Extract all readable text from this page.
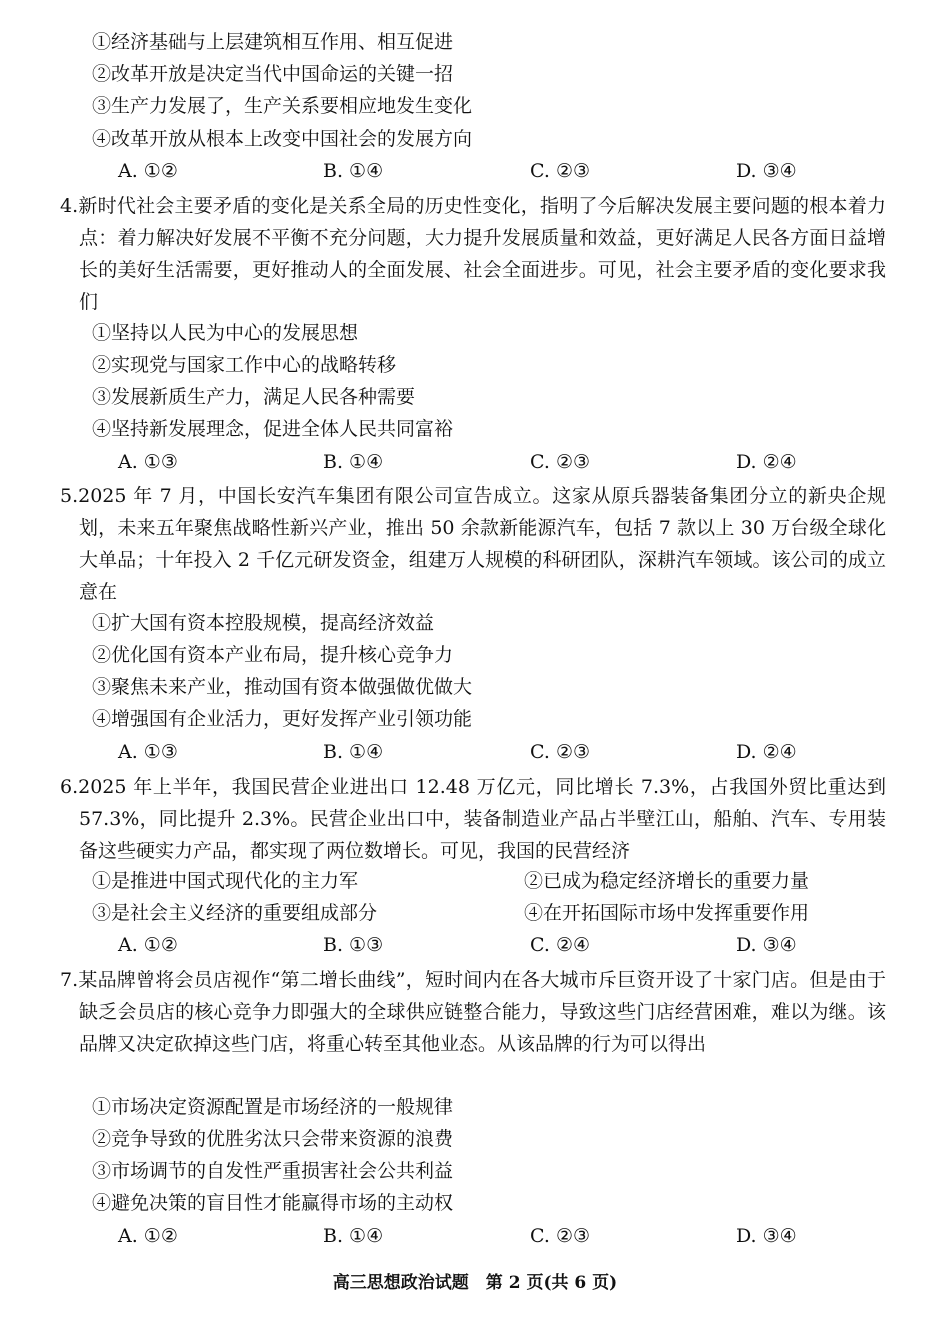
①经济基础与上层建筑相互作用、相互促进
②改革开放是决定当代中国命运的关键一招
③生产力发展了，生产关系要相应地发生变化
④改革开放从根本上改变中国社会的发展方向
A. ①②	B. ①④	C. ②③	D. ③④
4.新时代社会主要矛盾的变化是关系全局的历史性变化，指明了今后解决发展主要问题的根本着力点：着力解决好发展不平衡不充分问题，大力提升发展质量和效益，更好满足人民各方面日益增长的美好生活需要，更好推动人的全面发展、社会全面进步。可见，社会主要矛盾的变化要求我们
①坚持以人民为中心的发展思想
②实现党与国家工作中心的战略转移
③发展新质生产力，满足人民各种需要
④坚持新发展理念，促进全体人民共同富裕
A. ①③	B. ①④	C. ②③	D. ②④
5.2025 年 7 月，中国长安汽车集团有限公司宣告成立。这家从原兵器装备集团分立的新央企规划，未来五年聚焦战略性新兴产业，推出 50 余款新能源汽车，包括 7 款以上 30 万台级全球化大单品；十年投入 2 千亿元研发资金，组建万人规模的科研团队，深耕汽车领域。该公司的成立意在
①扩大国有资本控股规模，提高经济效益
②优化国有资本产业布局，提升核心竞争力
③聚焦未来产业，推动国有资本做强做优做大
④增强国有企业活力，更好发挥产业引领功能
A. ①③	B. ①④	C. ②③	D. ②④
6.2025 年上半年，我国民营企业进出口 12.48 万亿元，同比增长 7.3%，占我国外贸比重达到 57.3%，同比提升 2.3%。民营企业出口中，装备制造业产品占半壁江山，船舶、汽车、专用装备这些硬实力产品，都实现了两位数增长。可见，我国的民营经济
①是推进中国式现代化的主力军	②已成为稳定经济增长的重要力量
③是社会主义经济的重要组成部分	④在开拓国际市场中发挥重要作用
A. ①②	B. ①③	C. ②④	D. ③④
7.某品牌曾将会员店视作“第二增长曲线”，短时间内在各大城市斥巨资开设了十家门店。但是由于缺乏会员店的核心竞争力即强大的全球供应链整合能力，导致这些门店经营困难，难以为继。该品牌又决定砍掉这些门店，将重心转至其他业态。从该品牌的行为可以得出
①市场决定资源配置是市场经济的一般规律
②竞争导致的优胜劣汰只会带来资源的浪费
③市场调节的自发性严重损害社会公共利益
④避免决策的盲目性才能赢得市场的主动权
A. ①②	B. ①④	C. ②③	D. ③④
高三思想政治试题　第 2 页(共 6 页)
